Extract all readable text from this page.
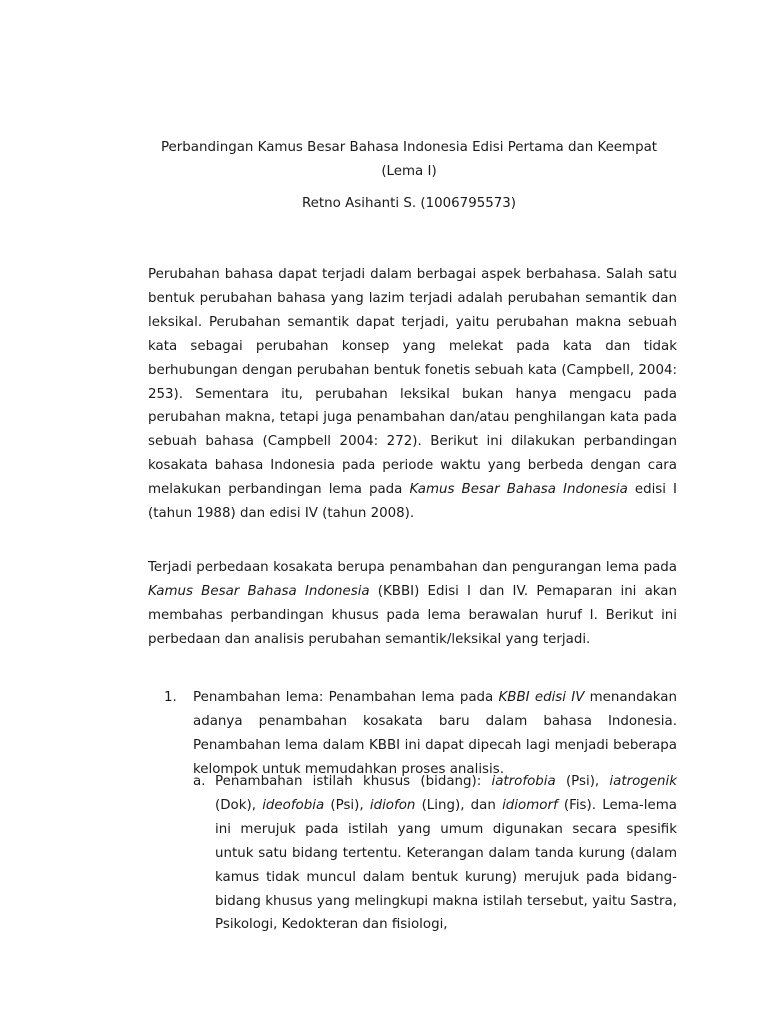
Perbandingan Kamus Besar Bahasa Indonesia Edisi Pertama dan Keempat
(Lema I)
Retno Asihanti S. (1006795573)
Perubahan bahasa dapat terjadi dalam berbagai aspek berbahasa. Salah satu bentuk perubahan bahasa yang lazim terjadi adalah perubahan semantik dan leksikal. Perubahan semantik dapat terjadi, yaitu perubahan makna sebuah kata sebagai perubahan konsep yang melekat pada kata dan tidak berhubungan dengan perubahan bentuk fonetis sebuah kata (Campbell, 2004: 253). Sementara itu, perubahan leksikal bukan hanya mengacu pada perubahan makna, tetapi juga penambahan dan/atau penghilangan kata pada sebuah bahasa (Campbell 2004: 272). Berikut ini dilakukan perbandingan kosakata bahasa Indonesia pada periode waktu yang berbeda dengan cara melakukan perbandingan lema pada Kamus Besar Bahasa Indonesia edisi I (tahun 1988) dan edisi IV (tahun 2008).
Terjadi perbedaan kosakata berupa penambahan dan pengurangan lema pada Kamus Besar Bahasa Indonesia (KBBI) Edisi I dan IV. Pemaparan ini akan membahas perbandingan khusus pada lema berawalan huruf I. Berikut ini perbedaan dan analisis perubahan semantik/leksikal yang terjadi.
1. Penambahan lema: Penambahan lema pada KBBI edisi IV menandakan adanya penambahan kosakata baru dalam bahasa Indonesia. Penambahan lema dalam KBBI ini dapat dipecah lagi menjadi beberapa kelompok untuk memudahkan proses analisis.
a. Penambahan istilah khusus (bidang): iatrofobia (Psi), iatrogenik (Dok), ideofobia (Psi), idiofon (Ling), dan idiomorf (Fis). Lema-lema ini merujuk pada istilah yang umum digunakan secara spesifik untuk satu bidang tertentu. Keterangan dalam tanda kurung (dalam kamus tidak muncul dalam bentuk kurung) merujuk pada bidang-bidang khusus yang melingkupi makna istilah tersebut, yaitu Sastra, Psikologi, Kedokteran dan fisiologi,
